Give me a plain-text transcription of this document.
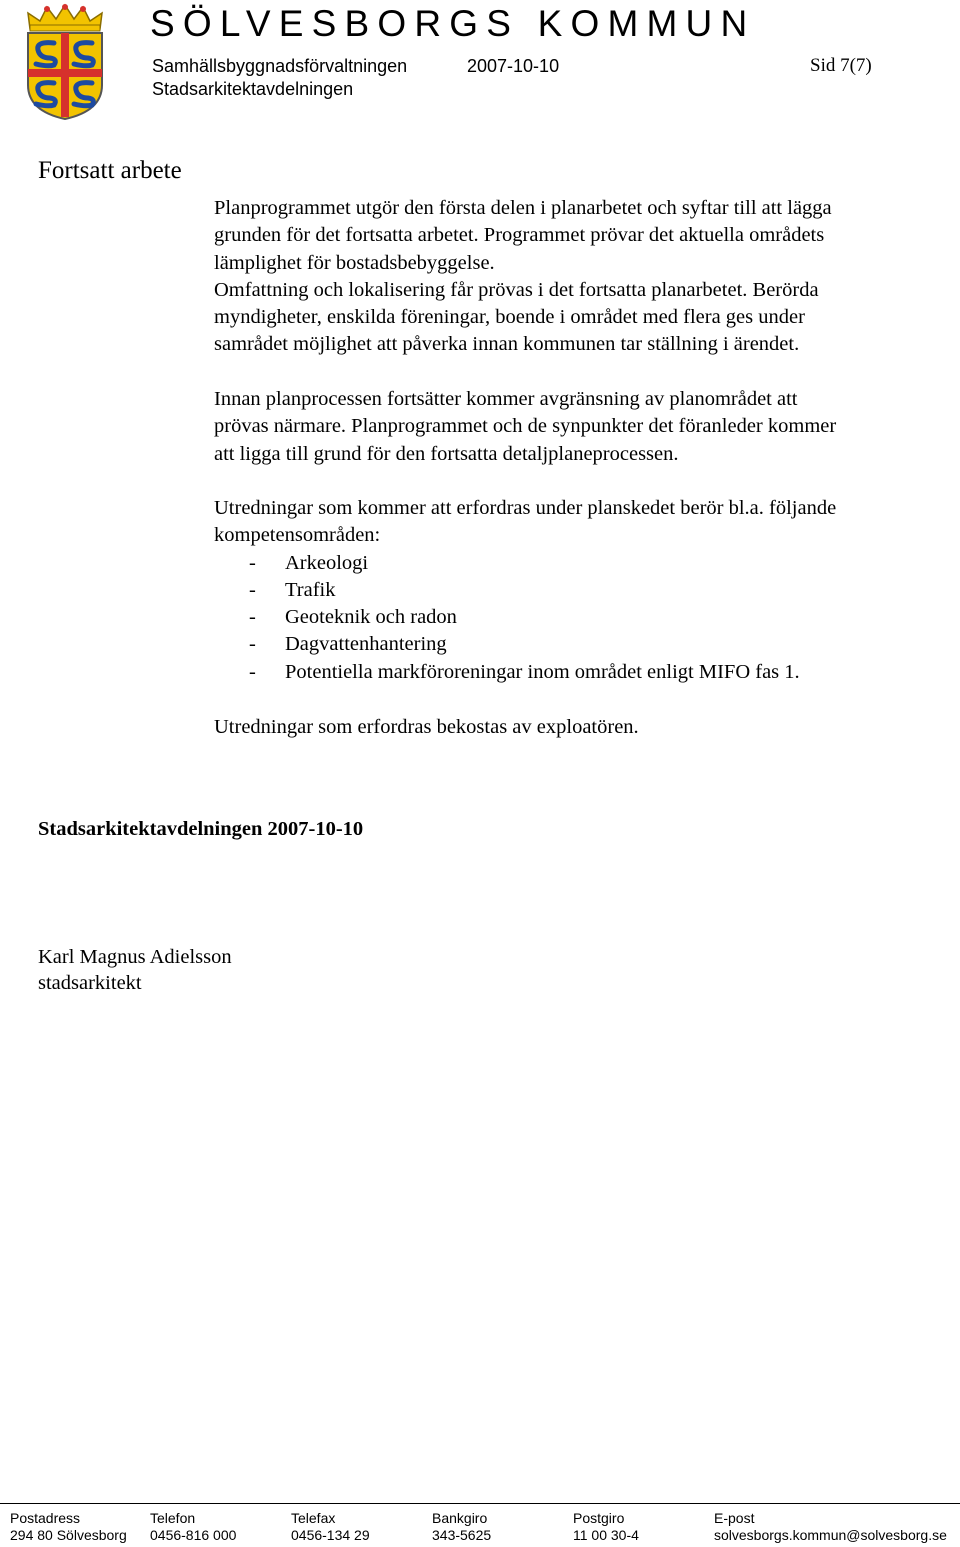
SÖLVESBORGS KOMMUN
Samhällsbyggnadsförvaltningen	2007-10-10	Sid 7(7)
Stadsarkitektavdelningen
Fortsatt arbete

Planprogrammet utgör den första delen i planarbetet och syftar till att lägga

grunden för det fortsatta arbetet. Programmet prövar det aktuella områdets

lämplighet för bostadsbebyggelse.

Omfattning och lokalisering får prövas i det fortsatta planarbetet. Berörda

myndigheter, enskilda föreningar, boende i området med flera ges under

samrådet möjlighet att påverka innan kommunen tar ställning i ärendet.

Innan planprocessen fortsätter kommer avgränsning av planområdet att

prövas närmare. Planprogrammet och de synpunkter det föranleder kommer

att ligga till grund för den fortsatta detaljplaneprocessen.

Utredningar som kommer att erfordras under planskedet berör bl.a. följande

kompetensområden:

- Arkeologi
- Trafik
- Geoteknik och radon
- Dagvattenhantering
- Potentiella markföroreningar inom området enligt MIFO fas 1.

Utredningar som erfordras bekostas av exploatören.

Stadsarkitektavdelningen 2007-10-10
Karl Magnus Adielsson
stadsarkitekt
Postadress
294 80 Sölvesborg
Telefon
0456-816 000
Telefax
0456-134 29
Bankgiro
343-5625
Postgiro
11 00 30-4
E-post
solvesborgs.kommun@solvesborg.se
